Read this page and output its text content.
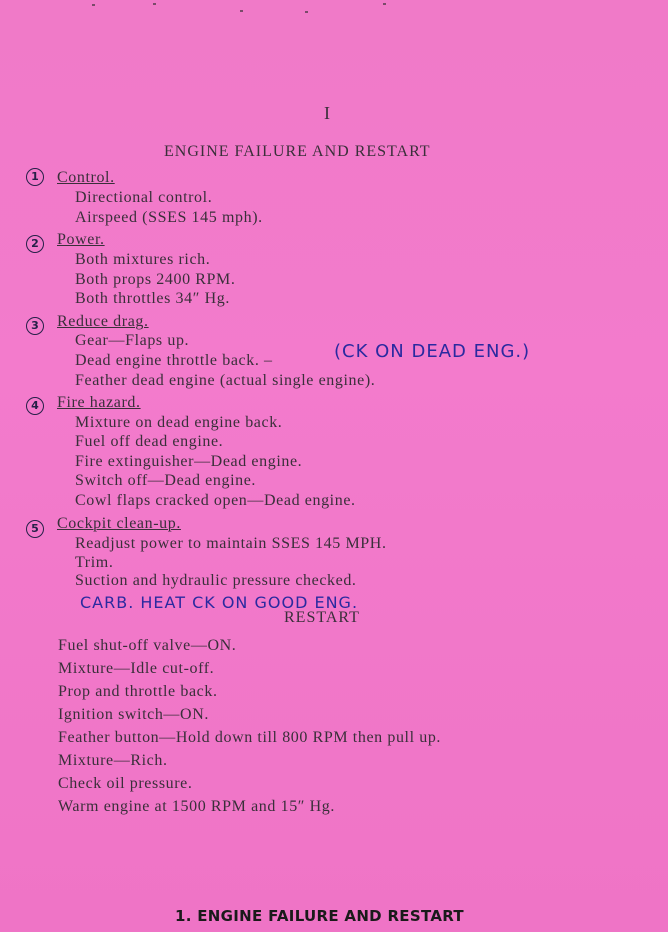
I
ENGINE FAILURE AND RESTART
1	Control.
Directional control.
Airspeed (SSES 145 mph).
2	Power.
Both mixtures rich.
Both props 2400 RPM.
Both throttles 34″ Hg.
3	Reduce drag.
Gear—Flaps up.
Dead engine throttle back. –	(CK ON DEAD ENG.)
Feather dead engine (actual single engine).
4	Fire hazard.
Mixture on dead engine back.
Fuel off dead engine.
Fire extinguisher—Dead engine.
Switch off—Dead engine.
Cowl flaps cracked open—Dead engine.
5	Cockpit clean-up.
Readjust power to maintain SSES 145 MPH.
Trim.
Suction and hydraulic pressure checked.
CARB. HEAT CK ON GOOD ENG.
RESTART
Fuel shut-off valve—ON.
Mixture—Idle cut-off.
Prop and throttle back.
Ignition switch—ON.
Feather button—Hold down till 800 RPM then pull up.
Mixture—Rich.
Check oil pressure.
Warm engine at 1500 RPM and 15″ Hg.
1. ENGINE FAILURE AND RESTART
